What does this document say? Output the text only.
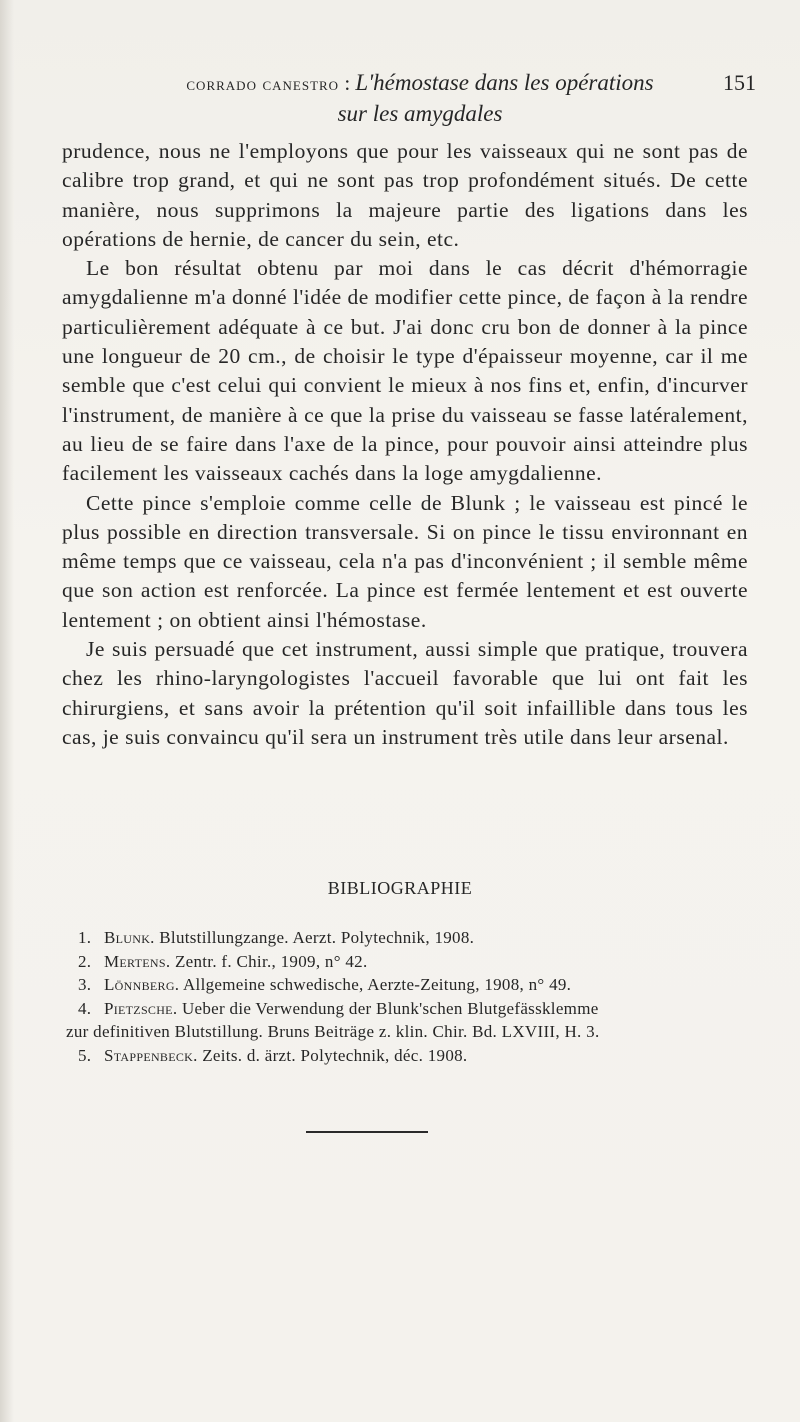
corrado canestro : L'hémostase dans les opérations	151
sur les amygdales

prudence, nous ne l'employons que pour les vaisseaux qui ne sont pas de calibre trop grand, et qui ne sont pas trop profondément situés. De cette manière, nous supprimons la majeure partie des ligations dans les opérations de hernie, de cancer du sein, etc.

Le bon résultat obtenu par moi dans le cas décrit d'hémorragie amygdalienne m'a donné l'idée de modifier cette pince, de façon à la rendre particulièrement adéquate à ce but. J'ai donc cru bon de donner à la pince une longueur de 20 cm., de choisir le type d'épaisseur moyenne, car il me semble que c'est celui qui convient le mieux à nos fins et, enfin, d'incurver l'instrument, de manière à ce que la prise du vaisseau se fasse latéralement, au lieu de se faire dans l'axe de la pince, pour pouvoir ainsi atteindre plus facilement les vaisseaux cachés dans la loge amygdalienne.

Cette pince s'emploie comme celle de Blunk ; le vaisseau est pincé le plus possible en direction transversale. Si on pince le tissu environnant en même temps que ce vaisseau, cela n'a pas d'inconvénient ; il semble même que son action est renforcée. La pince est fermée lentement et est ouverte lentement ; on obtient ainsi l'hémostase.

Je suis persuadé que cet instrument, aussi simple que pratique, trouvera chez les rhino-laryngologistes l'accueil favorable que lui ont fait les chirurgiens, et sans avoir la prétention qu'il soit infaillible dans tous les cas, je suis convaincu qu'il sera un instrument très utile dans leur arsenal.

BIBLIOGRAPHIE
1. Blunk. Blutstillungzange. Aerzt. Polytechnik, 1908.
2. Mertens. Zentr. f. Chir., 1909, n° 42.
3. Lönnberg. Allgemeine schwedische, Aerzte-Zeitung, 1908, n° 49.
4. Pietzsche. Ueber die Verwendung der Blunk'schen Blutgefässklemme
zur definitiven Blutstillung. Bruns Beiträge z. klin. Chir. Bd. LXVIII, H. 3.
5. Stappenbeck. Zeits. d. ärzt. Polytechnik, déc. 1908.
